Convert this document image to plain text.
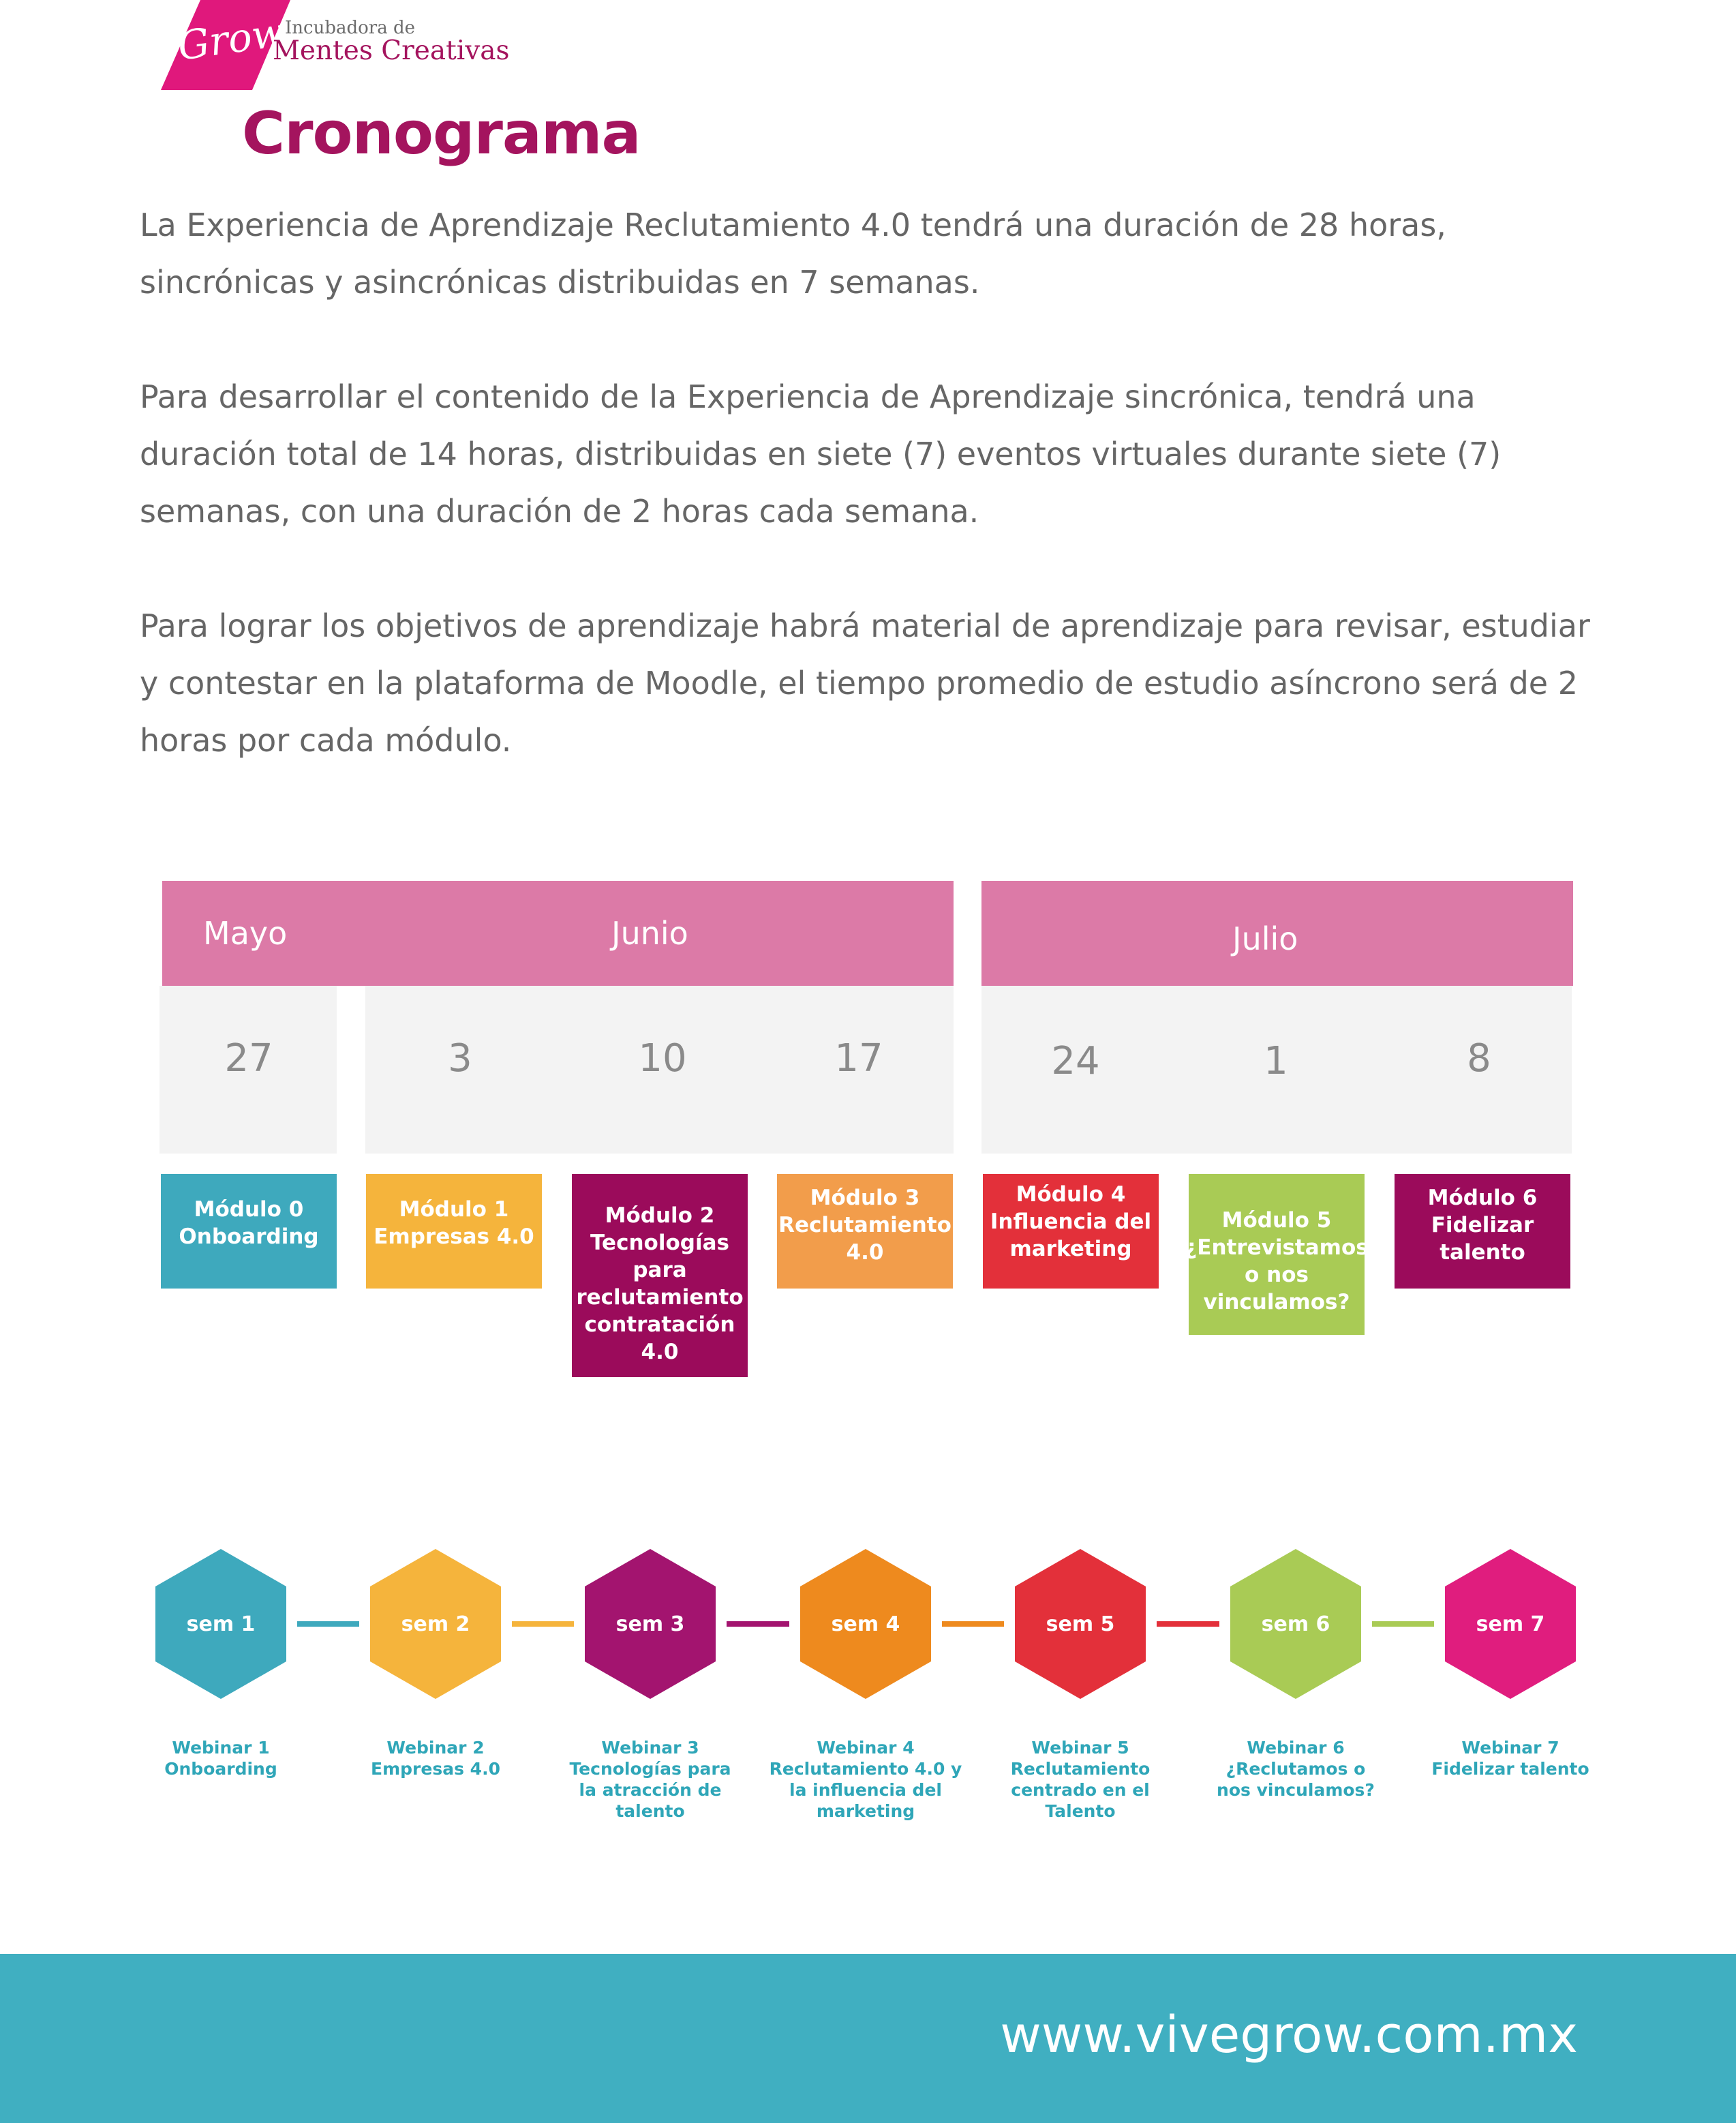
Grow
Incubadora de
Mentes Creativas
Cronograma
La Experiencia de Aprendizaje Reclutamiento 4.0 tendrá una duración de 28 horas, sincrónicas y asincrónicas distribuidas en 7 semanas.
Para desarrollar el contenido de la Experiencia de Aprendizaje sincrónica, tendrá una duración total de 14 horas, distribuidas en siete (7) eventos virtuales durante siete (7) semanas, con una duración de 2 horas cada semana.
Para lograr los objetivos de aprendizaje habrá material de aprendizaje para revisar, estudiar y contestar en la plataforma de Moodle, el tiempo promedio de estudio asíncrono será de 2 horas por cada módulo.
Mayo	Junio	Julio
27	3	10	17	24	1	8
Módulo 0
Onboarding
Módulo 1
Empresas 4.0
Módulo 2
Tecnologías
para
reclutamiento
contratación
4.0
Módulo 3
Reclutamiento
4.0
Módulo 4
Influencia del
marketing
Módulo 5
¿Entrevistamos
o nos
vinculamos?
Módulo 6
Fidelizar
talento
sem 1	sem 2	sem 3	sem 4	sem 5	sem 6	sem 7
Webinar 1
Onboarding
Webinar 2
Empresas 4.0
Webinar 3
Tecnologías para
la atracción de
talento
Webinar 4
Reclutamiento 4.0 y
la influencia del
marketing
Webinar 5
Reclutamiento
centrado en el
Talento
Webinar 6
¿Reclutamos o
nos vinculamos?
Webinar 7
Fidelizar talento
www.vivegrow.com.mx
